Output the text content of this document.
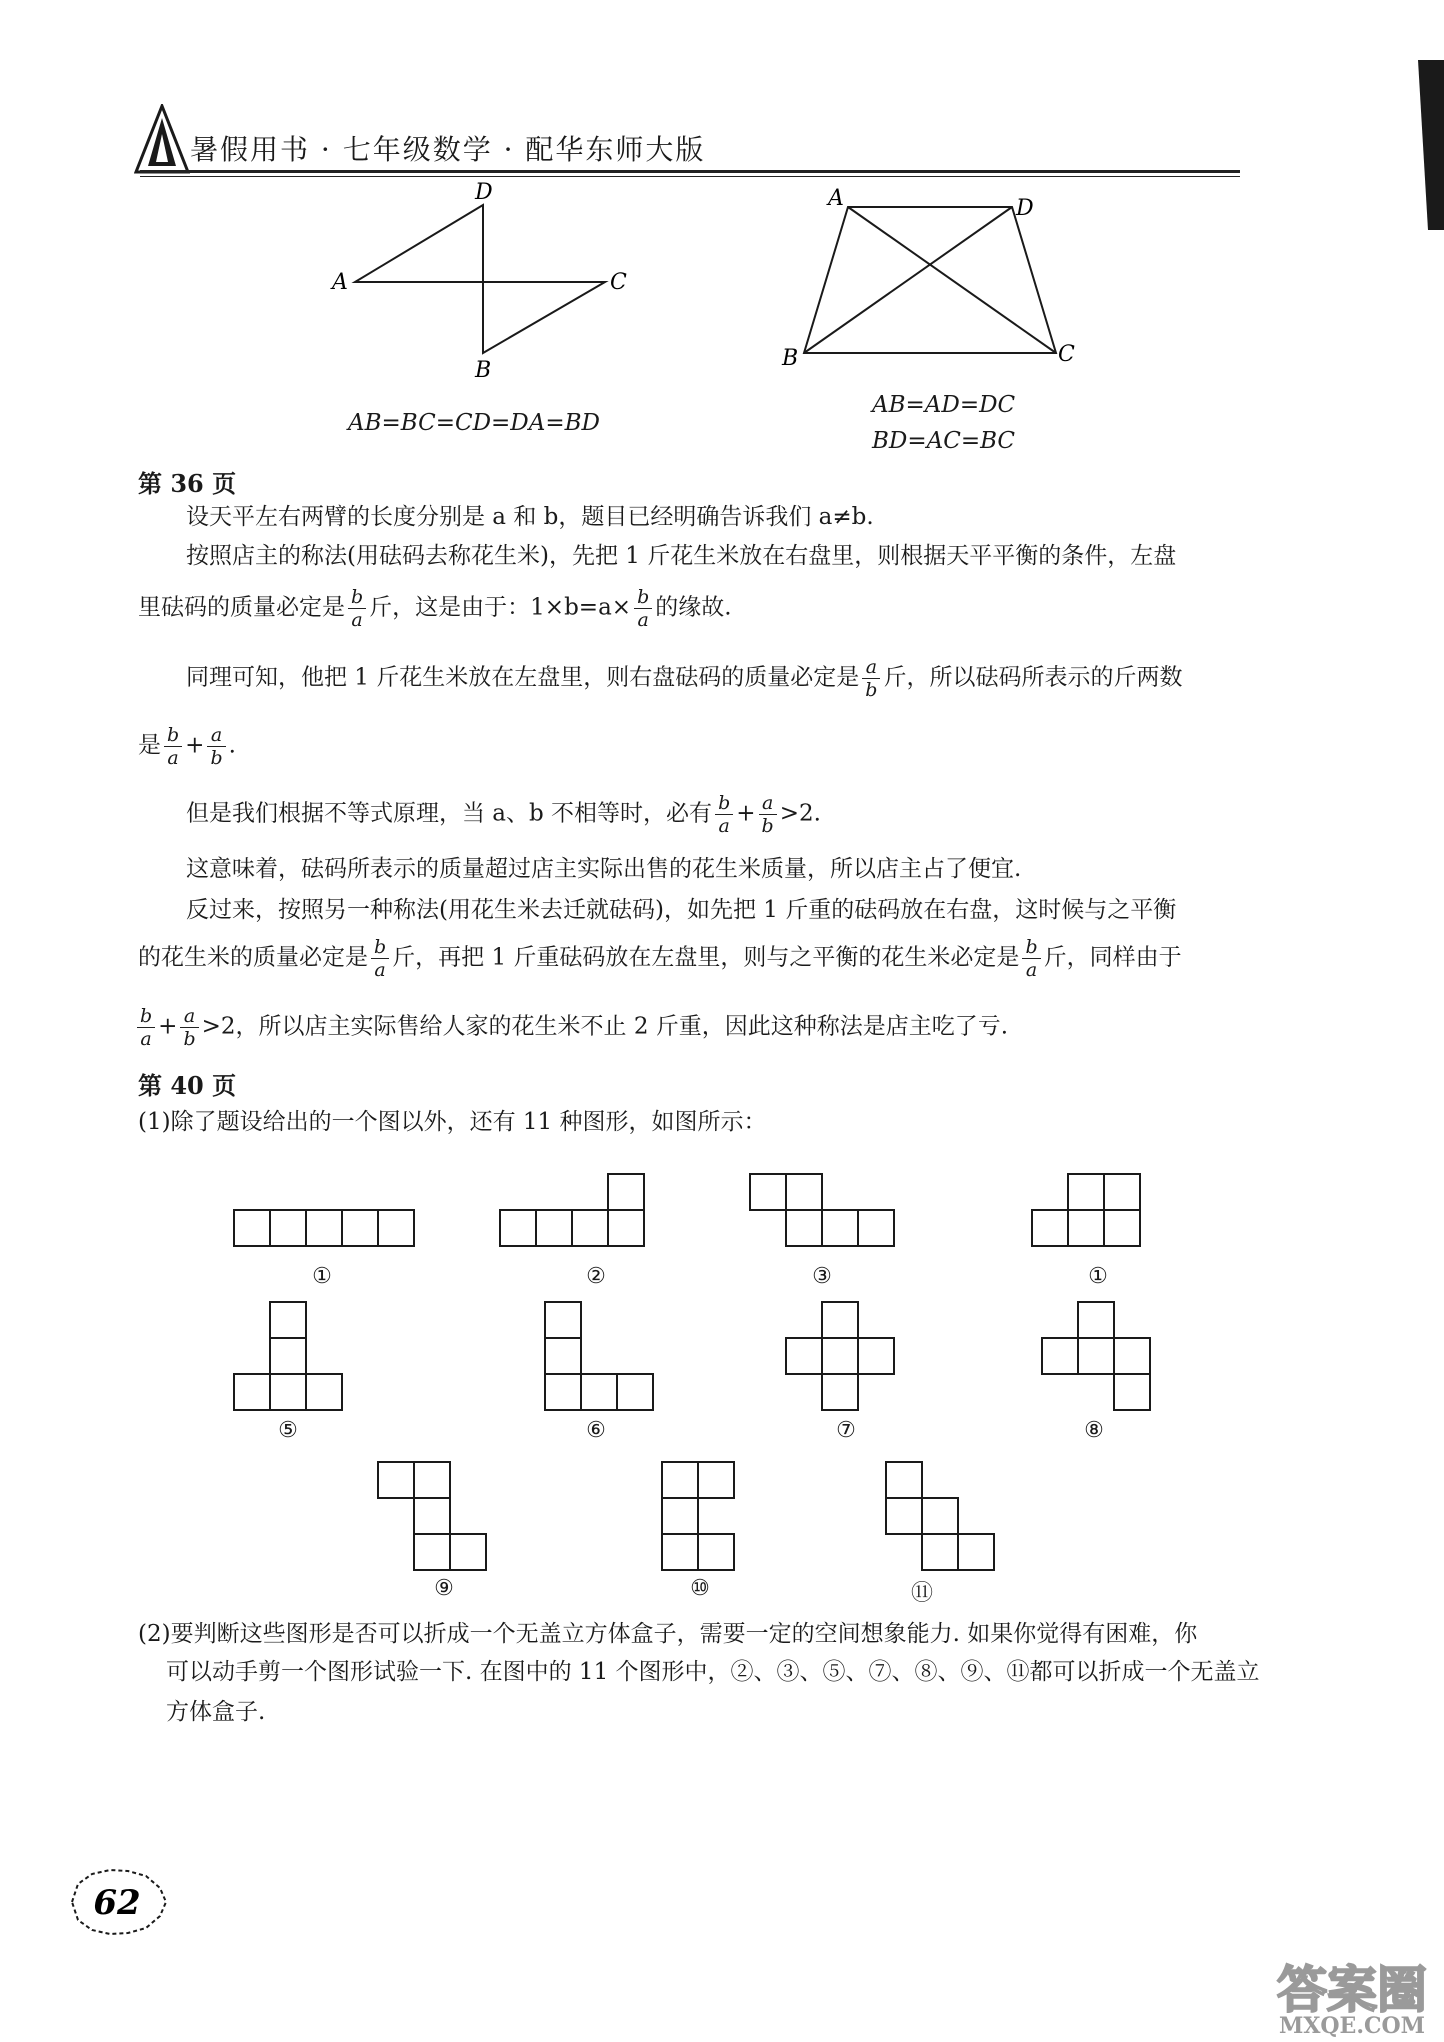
暑假用书 · 七年级数学 · 配华东师大版
D
A	C
B
AB=BC=CD=DA=BD
A	D
B	C
AB=AD=DC
BD=AC=BC
第 36 页
设天平左右两臂的长度分别是 a 和 b，题目已经明确告诉我们 a≠b.
按照店主的称法(用砝码去称花生米)，先把 1 斤花生米放在右盘里，则根据天平平衡的条件，左盘
里砝码的质量必定是 $\frac{b}{a}$ 斤，这是由于：$1\times b=a\times \frac{b}{a}$ 的缘故.
同理可知，他把 1 斤花生米放在左盘里，则右盘砝码的质量必定是 $\frac{a}{b}$ 斤，所以砝码所表示的斤两数
是 $\frac{b}{a} + \frac{a}{b}$ .
但是我们根据不等式原理，当 a、b 不相等时，必有 $\frac{b}{a} + \frac{a}{b} >2$.
这意味着，砝码所表示的质量超过店主实际出售的花生米质量，所以店主占了便宜.
反过来，按照另一种称法(用花生米去迁就砝码)，如先把 1 斤重的砝码放在右盘，这时候与之平衡
的花生米的质量必定是 $\frac{b}{a}$ 斤，再把 1 斤重砝码放在左盘里，则与之平衡的花生米必定是 $\frac{b}{a}$ 斤，同样由于
$\frac{b}{a} + \frac{a}{b} >2$，所以店主实际售给人家的花生米不止 2 斤重，因此这种称法是店主吃了亏.
第 40 页
(1)除了题设给出的一个图以外，还有 11 种图形，如图所示：
①	②	③	①
⑤	⑥	⑦	⑧
⑨	⑩	⑪
(2)要判断这些图形是否可以折成一个无盖立方体盒子，需要一定的空间想象能力. 如果你觉得有困难，你
可以动手剪一个图形试验一下. 在图中的 11 个图形中，②、③、⑤、⑦、⑧、⑨、⑪都可以折成一个无盖立
方体盒子.
62
答案圈
MXQE.COM
